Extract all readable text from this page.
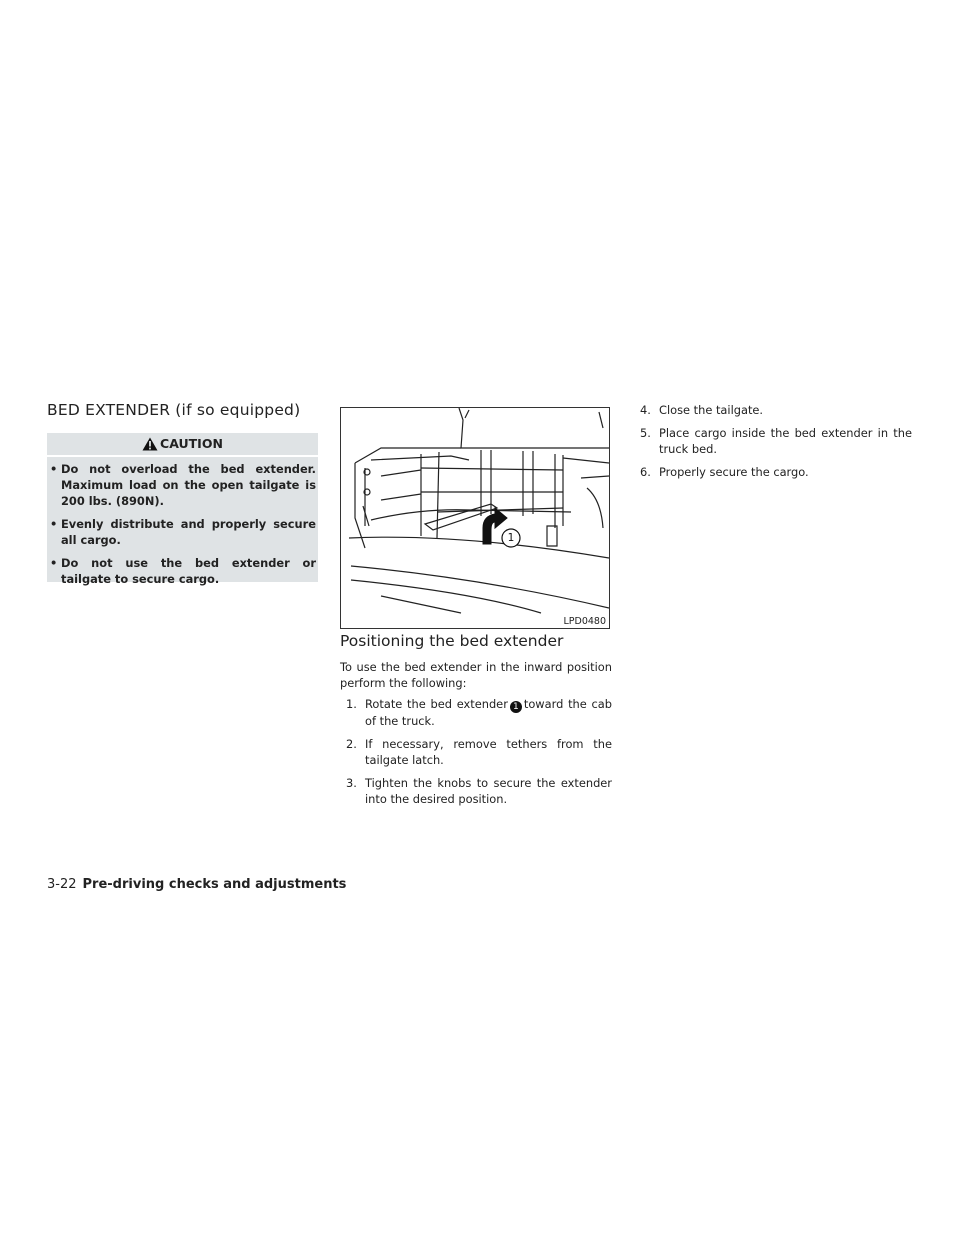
BED EXTENDER (if so equipped)
CAUTION
• Do not overload the bed extender. Maximum load on the open tailgate is 200 lbs. (890N).
• Evenly distribute and properly secure all cargo.
• Do not use the bed extender or tailgate to secure cargo.
1
LPD0480
Positioning the bed extender
To use the bed extender in the inward position perform the following:
1. Rotate the bed extender 1 toward the cab of the truck.
2. If necessary, remove tethers from the tailgate latch.
3. Tighten the knobs to secure the extender into the desired position.
4. Close the tailgate.
5. Place cargo inside the bed extender in the truck bed.
6. Properly secure the cargo.
3-22 Pre-driving checks and adjustments
